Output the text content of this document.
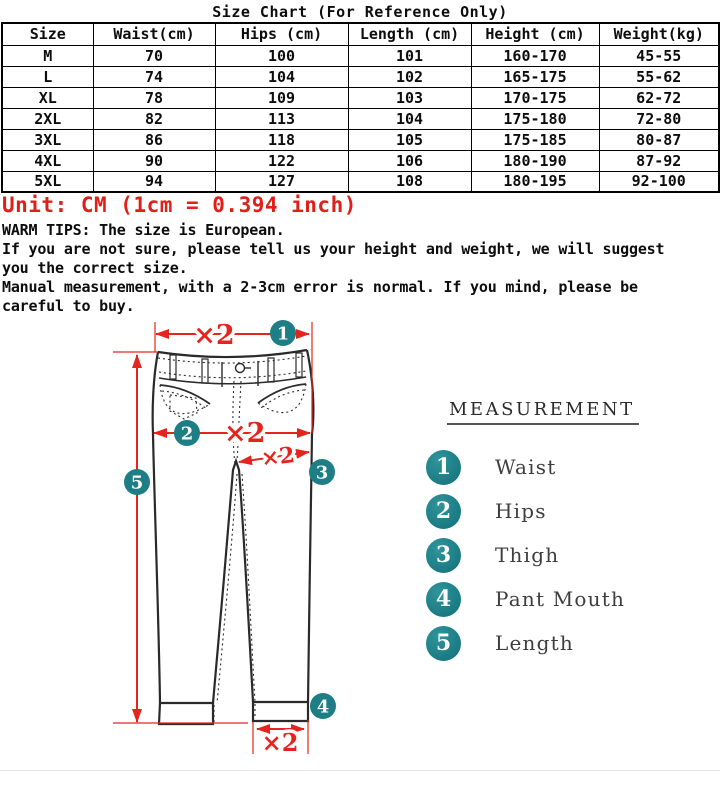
Size Chart (For Reference Only)
Size	Waist(cm)	Hips (cm)	Length (cm)	Height (cm)	Weight(kg)
M	70	100	101	160-170	45-55
L	74	104	102	165-175	55-62
XL	78	109	103	170-175	62-72
2XL	82	113	104	175-180	72-80
3XL	86	118	105	175-185	80-87
4XL	90	122	106	180-190	87-92
5XL	94	127	108	180-195	92-100
Unit: CM (1cm = 0.394 inch)
WARM TIPS: The size is European.
If you are not sure, please tell us your height and weight, we will suggest
you the correct size.
Manual measurement, with a 2-3cm error is normal. If you mind, please be
careful to buy.
×2
×2
×2
×2
1
2
3
4
5
MEASUREMENT
1	Waist
2	Hips
3	Thigh
4	Pant Mouth
5	Length
